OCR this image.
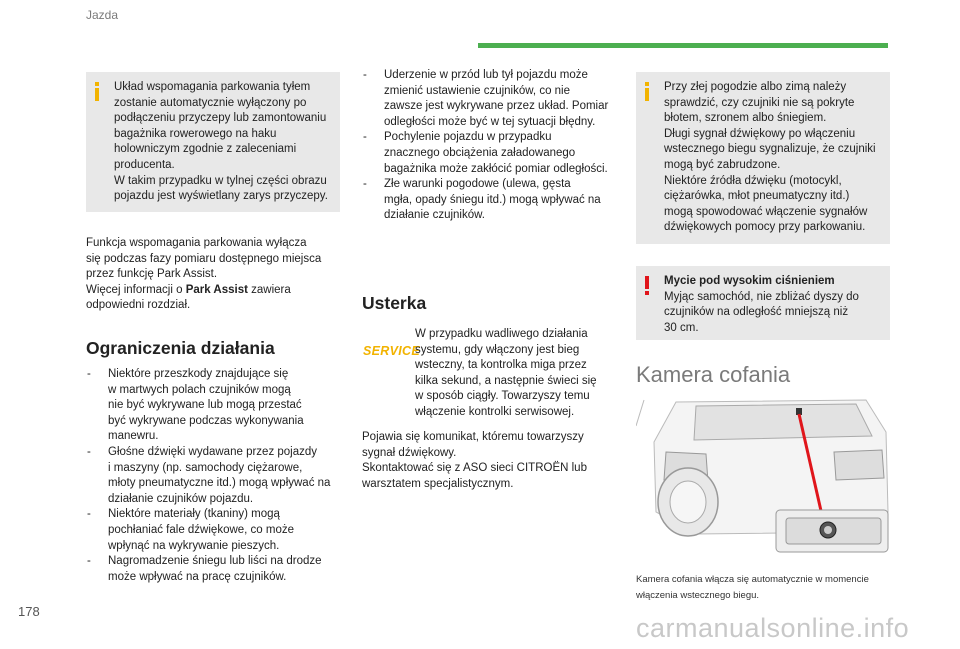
Jazda

Układ wspomagania parkowania tyłem

zostanie automatycznie wyłączony po

podłączeniu przyczepy lub zamontowaniu

bagażnika rowerowego na haku

holowniczym zgodnie z zaleceniami

producenta.

W takim przypadku w tylnej części obrazu

pojazdu jest wyświetlany zarys przyczepy.

Funkcja wspomagania parkowania wyłącza

się podczas fazy pomiaru dostępnego miejsca

przez funkcję Park Assist.

Więcej informacji o Park Assist zawiera

odpowiedni rozdział.

Ograniczenia działania

- Niektóre przeszkody znajdujące się

w martwych polach czujników mogą

nie być wykrywane lub mogą przestać

być wykrywane podczas wykonywania

manewru.

- Głośne dźwięki wydawane przez pojazdy

i maszyny (np. samochody ciężarowe,

młoty pneumatyczne itd.) mogą wpływać na

działanie czujników pojazdu.

- Niektóre materiały (tkaniny) mogą

pochłaniać fale dźwiękowe, co może

wpłynąć na wykrywanie pieszych.

- Nagromadzenie śniegu lub liści na drodze

może wpływać na pracę czujników.

- Uderzenie w przód lub tył pojazdu może

zmienić ustawienie czujników, co nie

zawsze jest wykrywane przez układ. Pomiar

odległości może być w tej sytuacji błędny.

- Pochylenie pojazdu w przypadku

znacznego obciążenia załadowanego

bagażnika może zakłócić pomiar odległości.

- Złe warunki pogodowe (ulewa, gęsta

mgła, opady śniegu itd.) mogą wpływać na

działanie czujników.

Usterka
SERVICE

W przypadku wadliwego działania

systemu, gdy włączony jest bieg

wsteczny, ta kontrolka miga przez

kilka sekund, a następnie świeci się

w sposób ciągły. Towarzyszy temu

włączenie kontrolki serwisowej.

Pojawia się komunikat, któremu towarzyszy

sygnał dźwiękowy.

Skontaktować się z ASO sieci CITROËN lub

warsztatem specjalistycznym.

Przy złej pogodzie albo zimą należy

sprawdzić, czy czujniki nie są pokryte

błotem, szronem albo śniegiem.

Długi sygnał dźwiękowy po włączeniu

wstecznego biegu sygnalizuje, że czujniki

mogą być zabrudzone.

Niektóre źródła dźwięku (motocykl,

ciężarówka, młot pneumatyczny itd.)

mogą spowodować włączenie sygnałów

dźwiękowych pomocy przy parkowaniu.

Mycie pod wysokim ciśnieniem

Myjąc samochód, nie zbliżać dyszy do

czujników na odległość mniejszą niż

30 cm.

Kamera cofania

Kamera cofania włącza się automatycznie w momencie

włączenia wstecznego biegu.

178
carmanualsonline.info
